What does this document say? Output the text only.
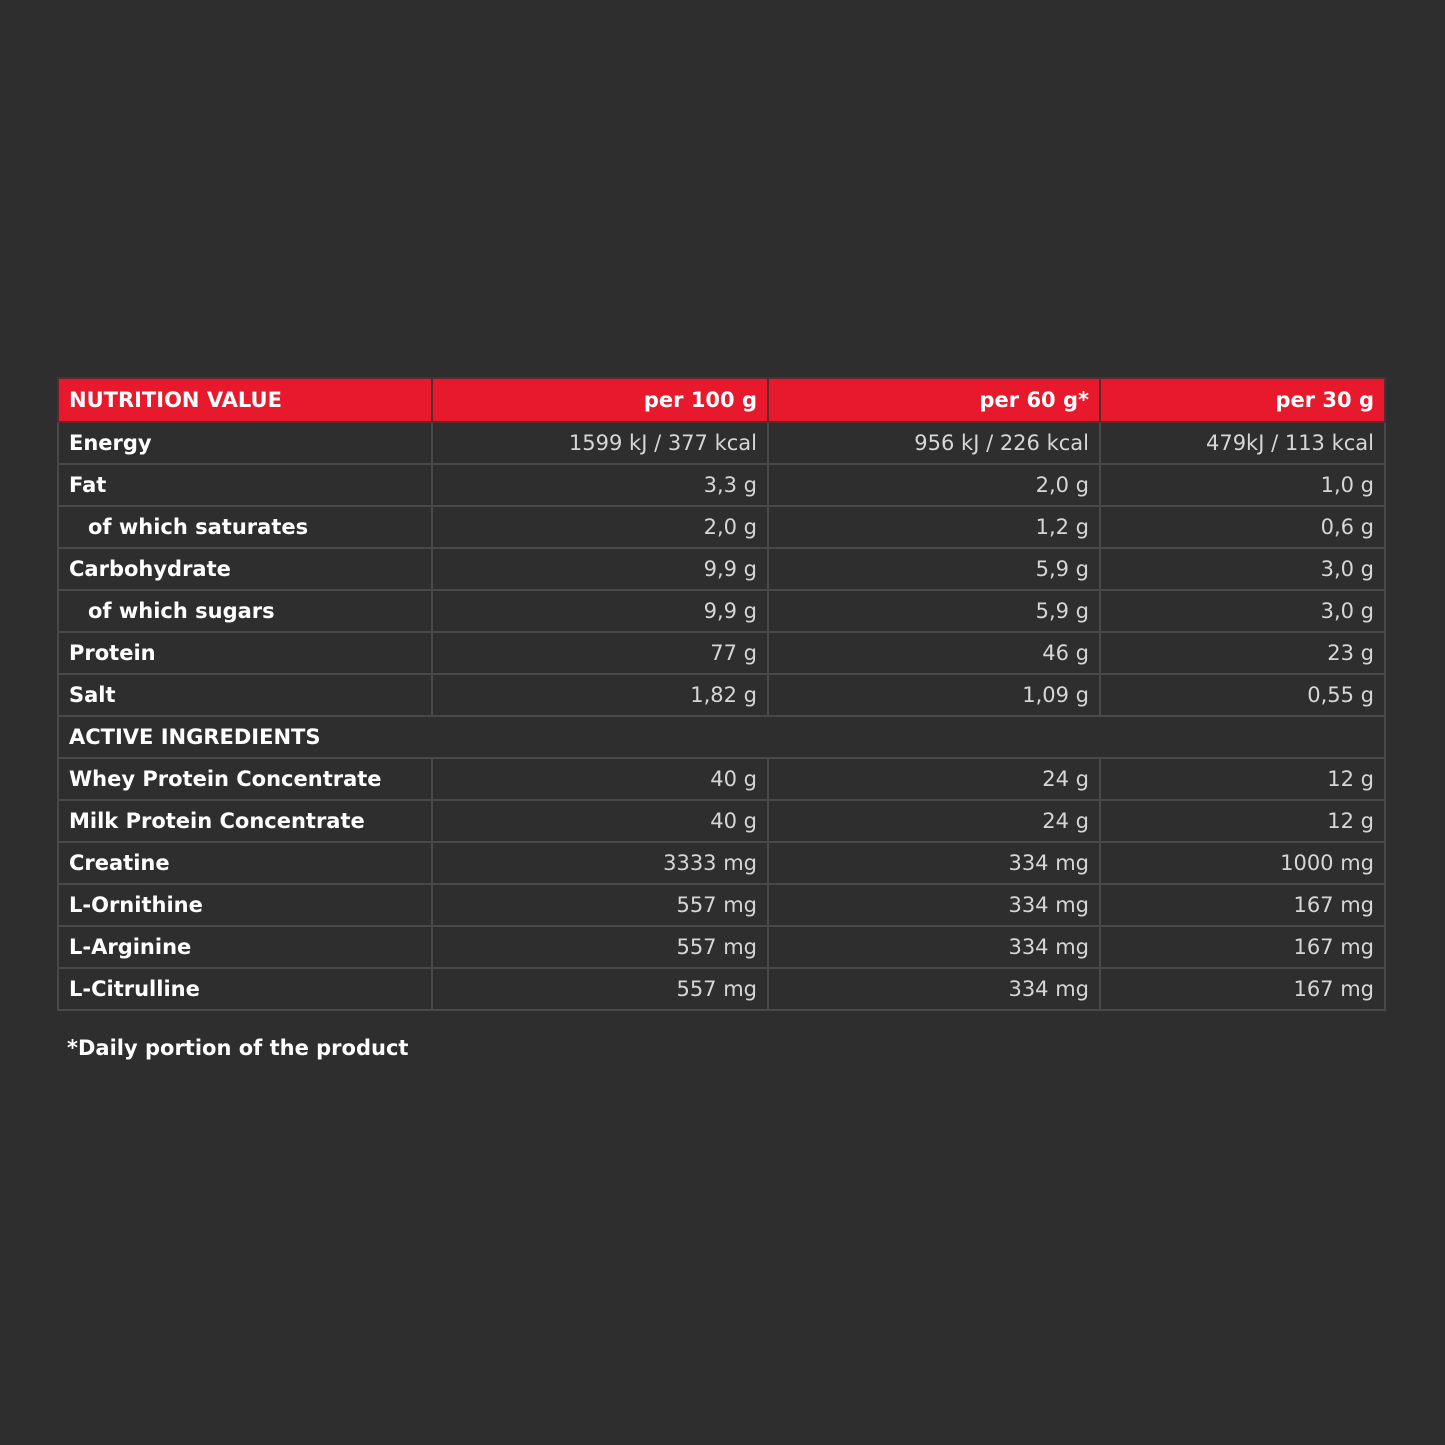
NUTRITION VALUE	per 100 g	per 60 g*	per 30 g
Energy	1599 kJ / 377 kcal	956 kJ / 226 kcal	479kJ / 113 kcal
Fat	3,3 g	2,0 g	1,0 g
of which saturates	2,0 g	1,2 g	0,6 g
Carbohydrate	9,9 g	5,9 g	3,0 g
of which sugars	9,9 g	5,9 g	3,0 g
Protein	77 g	46 g	23 g
Salt	1,82 g	1,09 g	0,55 g
ACTIVE INGREDIENTS			
Whey Protein Concentrate	40 g	24 g	12 g
Milk Protein Concentrate	40 g	24 g	12 g
Creatine	3333 mg	334 mg	1000 mg
L-Ornithine	557 mg	334 mg	167 mg
L-Arginine	557 mg	334 mg	167 mg
L-Citrulline	557 mg	334 mg	167 mg
*Daily portion of the product
